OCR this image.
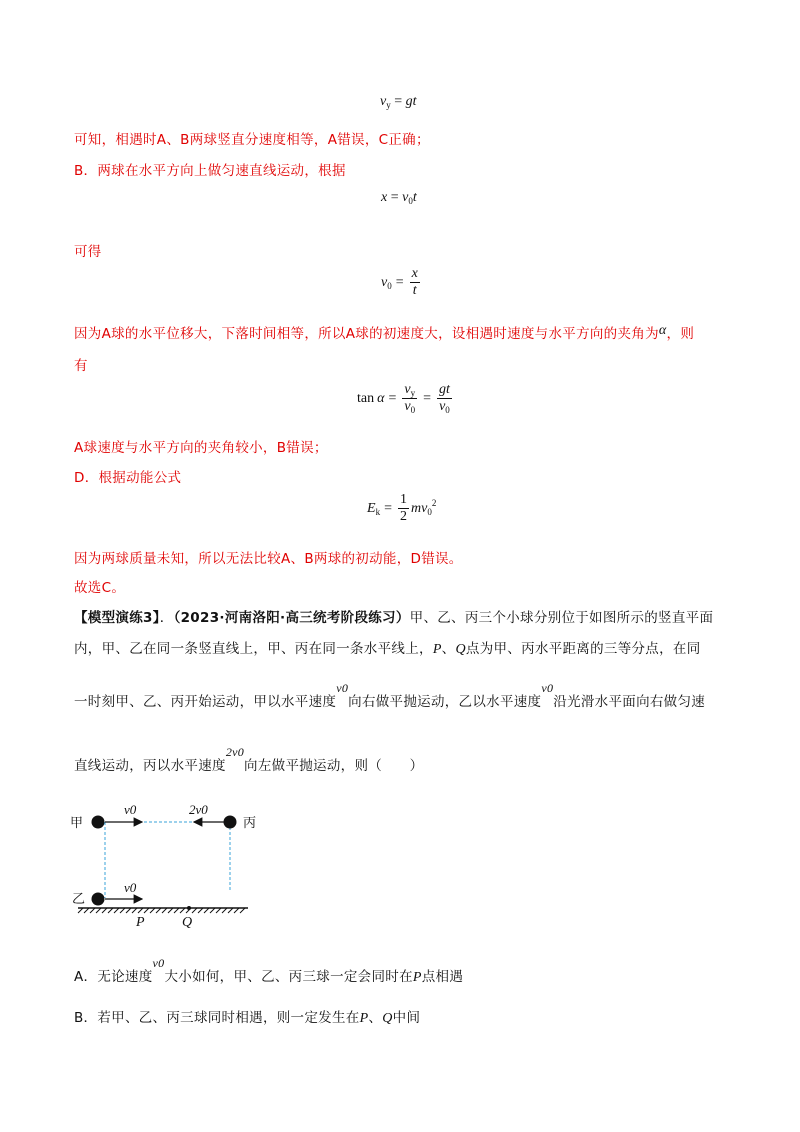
$v_y$ = gt
可知，相遇时A、B两球竖直分速度相等，A错误，C正确；
B．两球在水平方向上做匀速直线运动，根据
$x = v_0t$
可得
v $0 = \frac{x}{t}$
因为A球的水平位移大，下落时间相等，所以A球的初速度大，设相遇时速度与水平方向的夹角为α，则
有
$\tan \alpha = \frac{v_y}{v_0} = \frac{gt}{v_0}$
A球速度与水平方向的夹角较小，B错误；
D．根据动能公式
E $k = \frac{1}{2}$ m v 0
2
因为两球质量未知，所以无法比较A、B两球的初动能，D错误。
故选C。
【模型演练3】．（2023·河南洛阳·高三统考阶段练习）甲、乙、丙三个小球分别位于如图所示的竖直平面
内，甲、乙在同一条竖直线上，甲、丙在同一条水平线上，P、Q点为甲、丙水平距离的三等分点，在同
一时刻甲、乙、丙开始运动，甲以水平速度v0向右做平抛运动，乙以水平速度v0沿光滑水平面向右做匀速
直线运动，丙以水平速度2v0向左做平抛运动，则（　　）
甲	丙
乙
v0	2v0
v0
P	Q
A．无论速度v0大小如何，甲、乙、丙三球一定会同时在P点相遇
B．若甲、乙、丙三球同时相遇，则一定发生在P、Q中间
